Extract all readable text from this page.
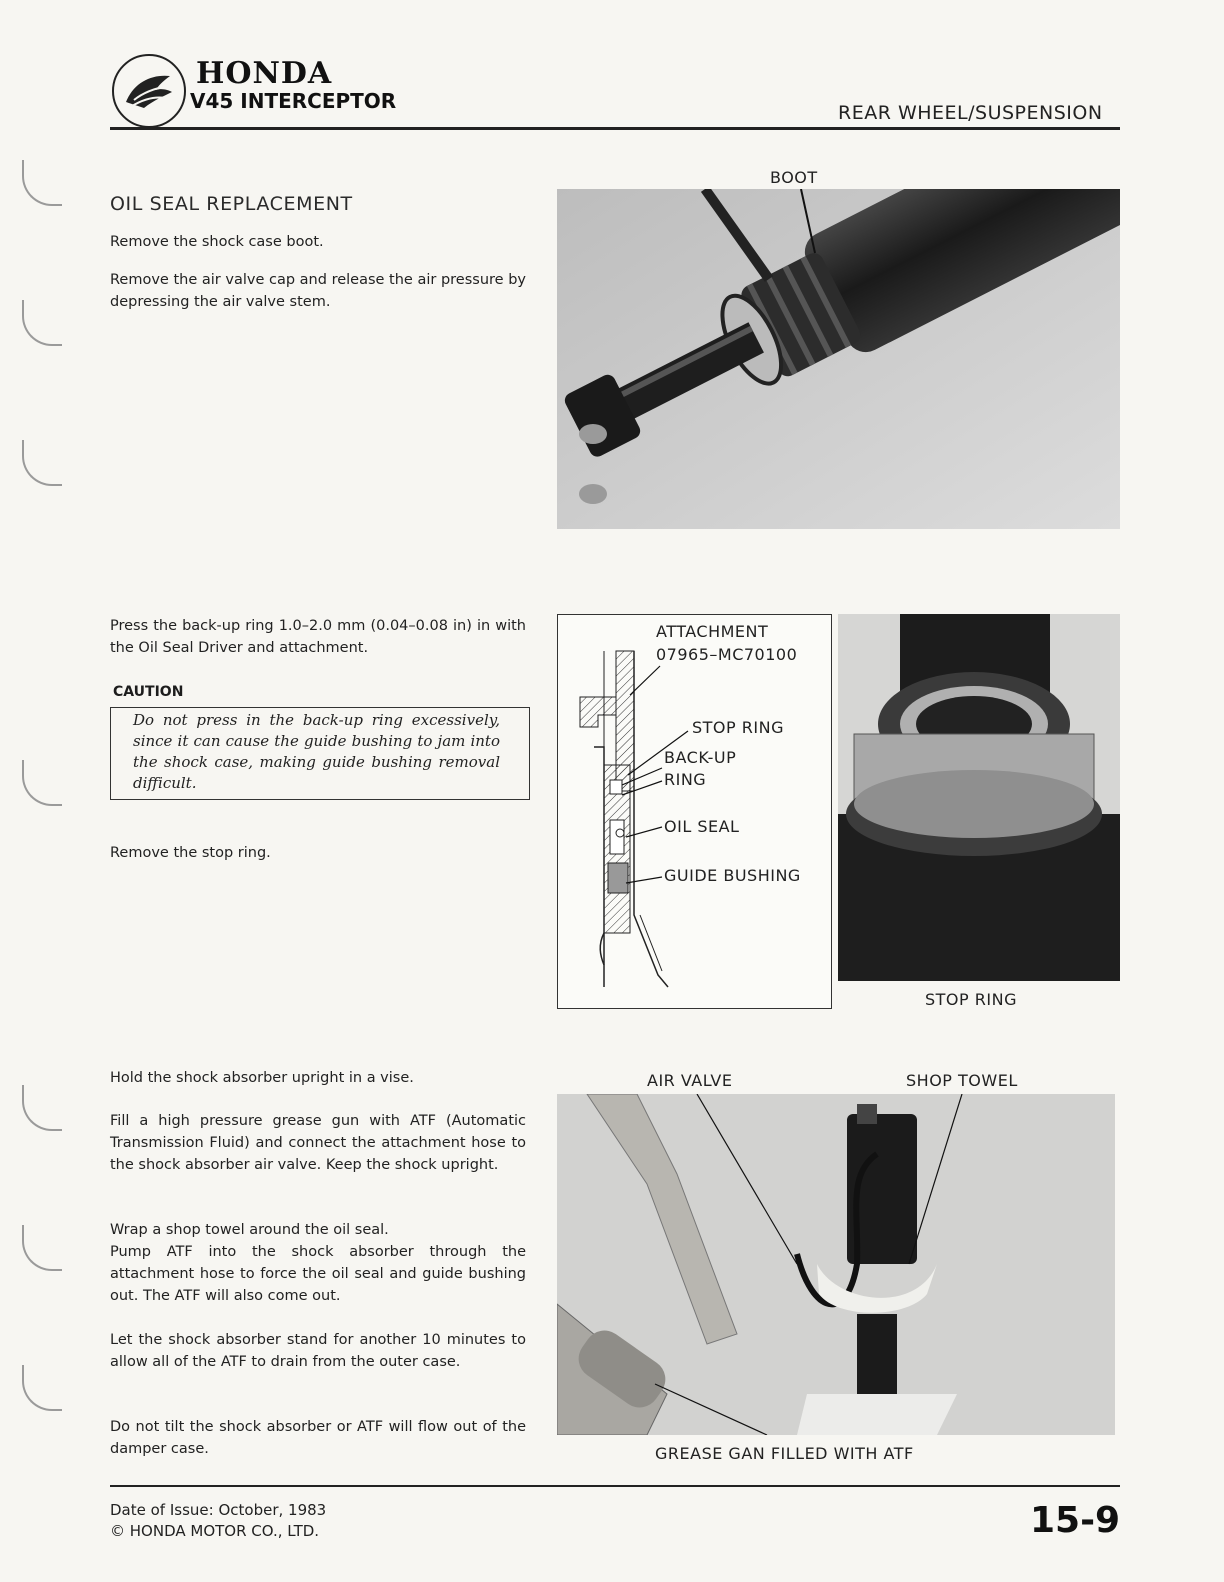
HONDA
V45 INTERCEPTOR	REAR WHEEL/SUSPENSION
OIL SEAL REPLACEMENT
Remove the shock case boot.
Remove the air valve cap and release the air pressure by depressing the air valve stem.
BOOT
Press the back-up ring 1.0–2.0 mm (0.04–0.08 in) in with the Oil Seal Driver and attachment.
CAUTION
Do not press in the back-up ring excessively, since it can cause the guide bushing to jam into the shock case, making guide bushing removal difficult.
Remove the stop ring.
ATTACHMENT
07965–MC70100
STOP RING
BACK-UP
RING
OIL SEAL
GUIDE BUSHING
STOP RING
Hold the shock absorber upright in a vise.
Fill a high pressure grease gun with ATF (Automatic Transmission Fluid) and connect the attachment hose to the shock absorber air valve. Keep the shock upright.
Wrap a shop towel around the oil seal.
Pump ATF into the shock absorber through the attachment hose to force the oil seal and guide bushing out. The ATF will also come out.
Let the shock absorber stand for another 10 minutes to allow all of the ATF to drain from the outer case.
Do not tilt the shock absorber or ATF will flow out of the damper case.
AIR VALVE	SHOP TOWEL
GREASE GAN FILLED WITH ATF
Date of Issue: October, 1983
© HONDA MOTOR CO., LTD.	15-9
